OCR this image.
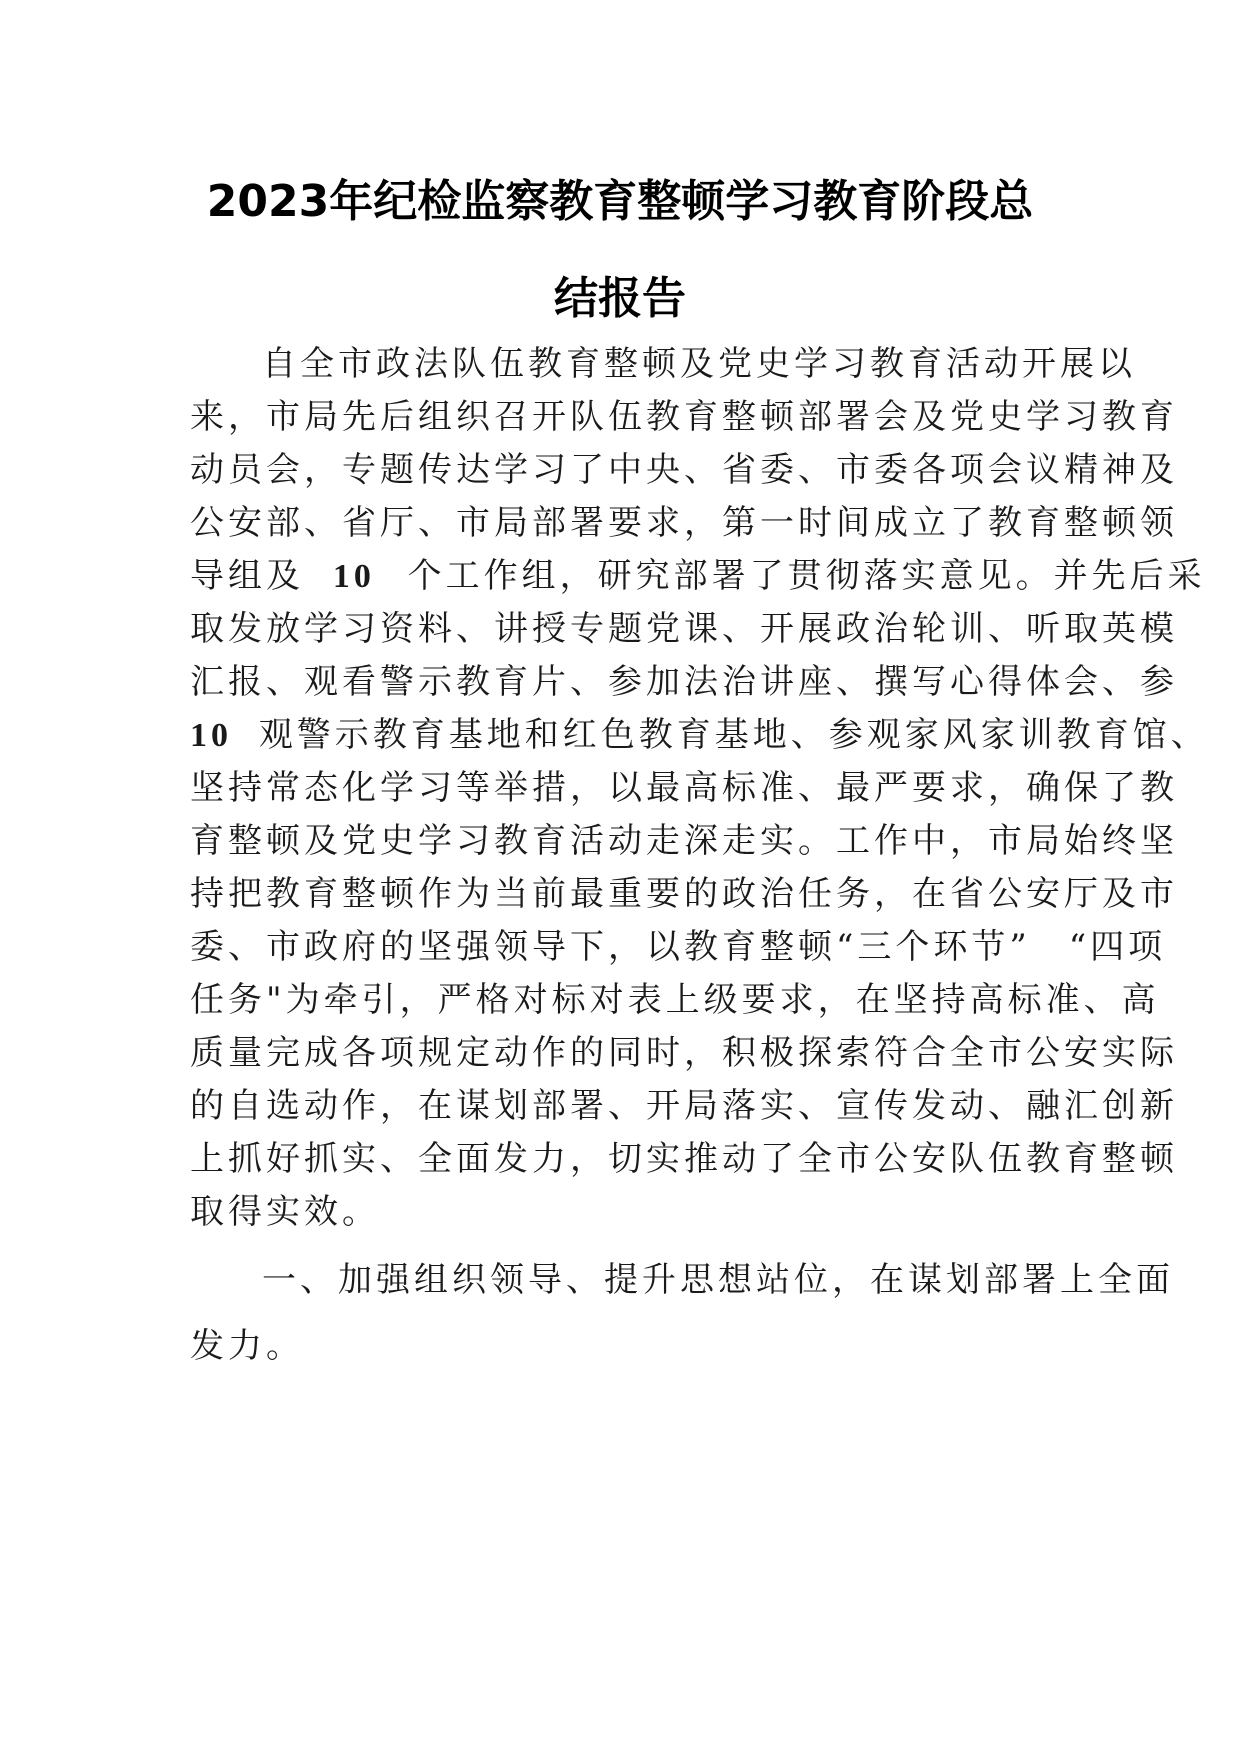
2023年纪检监察教育整顿学习教育阶段总
结报告
自全市政法队伍教育整顿及党史学习教育活动开展以
来，市局先后组织召开队伍教育整顿部署会及党史学习教育
动员会，专题传达学习了中央、省委、市委各项会议精神及
公安部、省厅、市局部署要求，第一时间成立了教育整顿领
导组及 10 个工作组，研究部署了贯彻落实意见。并先后采
取发放学习资料、讲授专题党课、开展政治轮训、听取英模
汇报、观看警示教育片、参加法治讲座、撰写心得体会、参
10 观警示教育基地和红色教育基地、参观家风家训教育馆、
坚持常态化学习等举措，以最高标准、最严要求，确保了教
育整顿及党史学习教育活动走深走实。工作中，市局始终坚
持把教育整顿作为当前最重要的政治任务，在省公安厅及市
委、市政府的坚强领导下，以教育整顿“三个环节”　“四项
任务"为牵引，严格对标对表上级要求，在坚持高标准、高
质量完成各项规定动作的同时，积极探索符合全市公安实际
的自选动作，在谋划部署、开局落实、宣传发动、融汇创新
上抓好抓实、全面发力，切实推动了全市公安队伍教育整顿
取得实效。
一、加强组织领导、提升思想站位，在谋划部署上全面
发力。
